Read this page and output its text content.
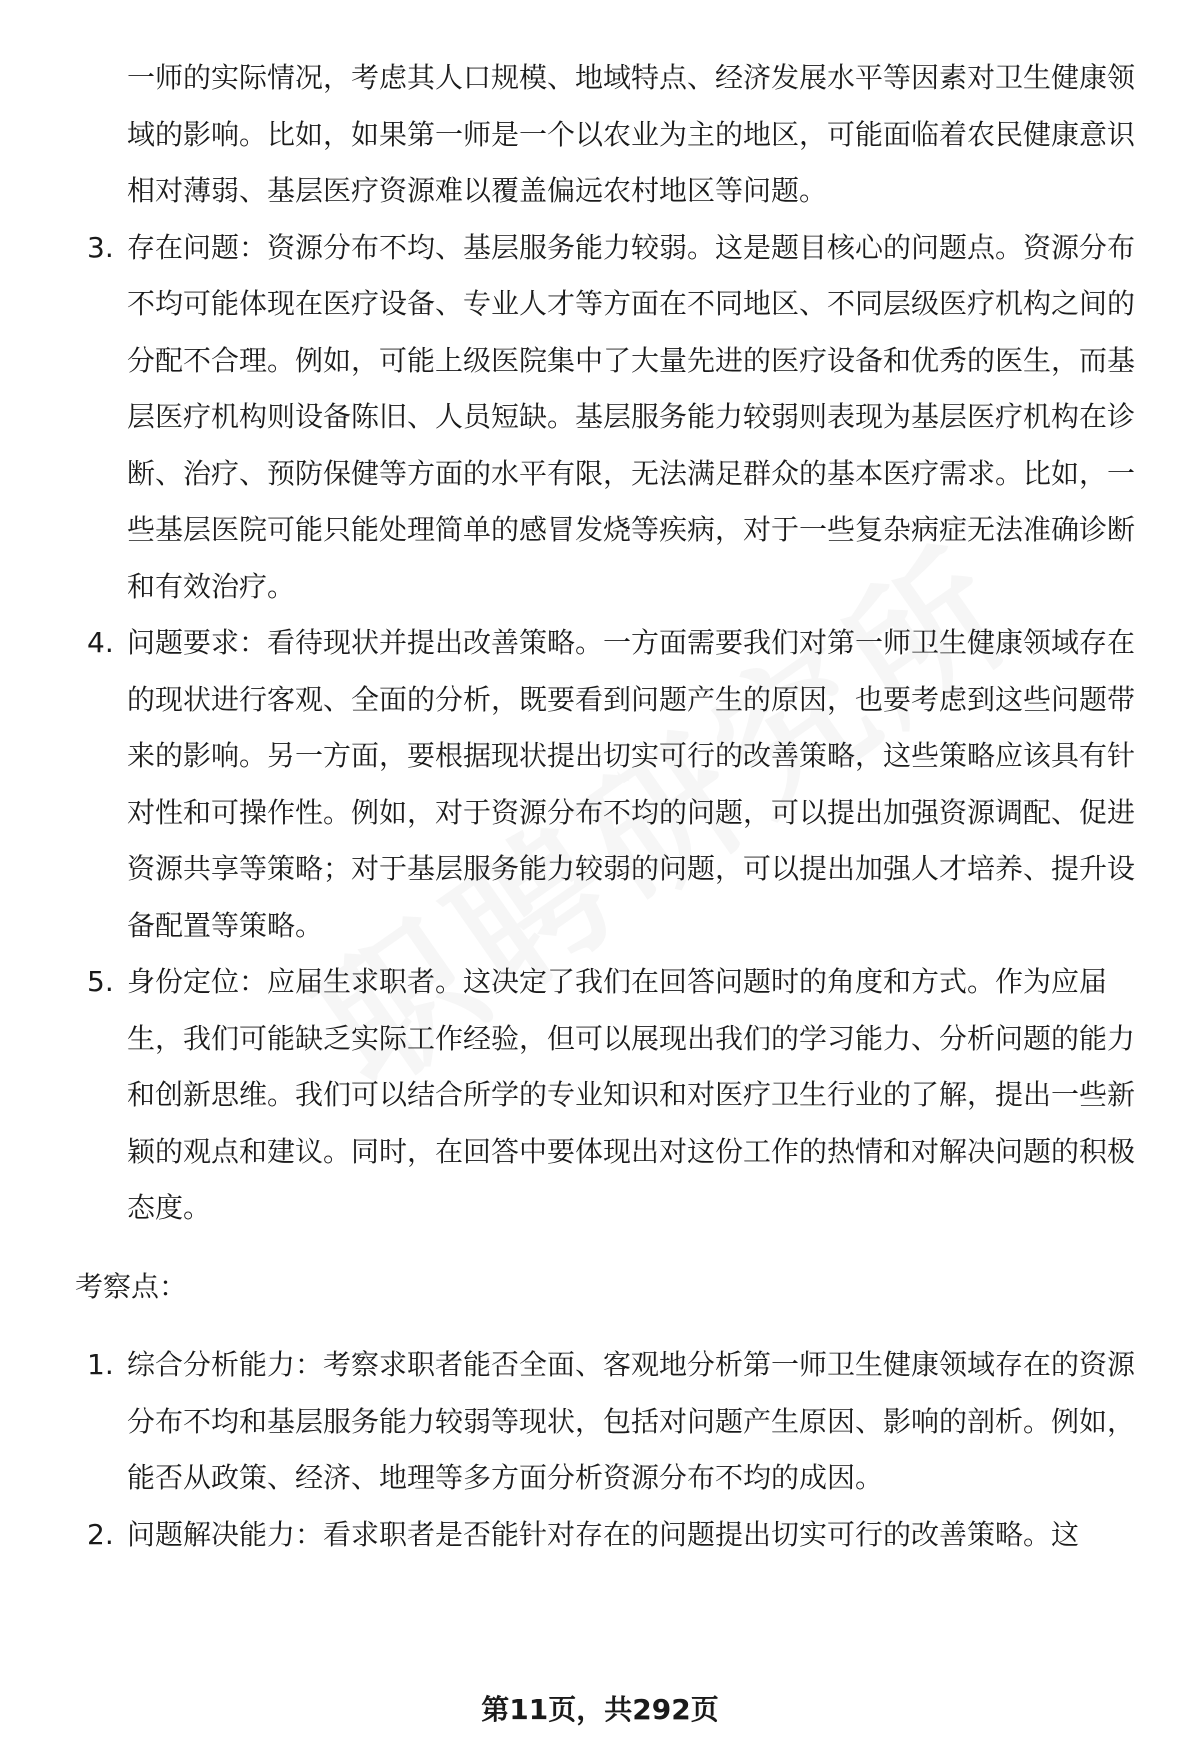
一师的实际情况，考虑其人口规模、地域特点、经济发展水平等因素对卫生健康领域的影响。比如，如果第一师是一个以农业为主的地区，可能面临着农民健康意识相对薄弱、基层医疗资源难以覆盖偏远农村地区等问题。

3. 存在问题：资源分布不均、基层服务能力较弱。这是题目核心的问题点。资源分布不均可能体现在医疗设备、专业人才等方面在不同地区、不同层级医疗机构之间的分配不合理。例如，可能上级医院集中了大量先进的医疗设备和优秀的医生，而基层医疗机构则设备陈旧、人员短缺。基层服务能力较弱则表现为基层医疗机构在诊断、治疗、预防保健等方面的水平有限，无法满足群众的基本医疗需求。比如，一些基层医院可能只能处理简单的感冒发烧等疾病，对于一些复杂病症无法准确诊断和有效治疗。

4. 问题要求：看待现状并提出改善策略。一方面需要我们对第一师卫生健康领域存在的现状进行客观、全面的分析，既要看到问题产生的原因，也要考虑到这些问题带来的影响。另一方面，要根据现状提出切实可行的改善策略，这些策略应该具有针对性和可操作性。例如，对于资源分布不均的问题，可以提出加强资源调配、促进资源共享等策略；对于基层服务能力较弱的问题，可以提出加强人才培养、提升设备配置等策略。

5. 身份定位：应届生求职者。这决定了我们在回答问题时的角度和方式。作为应届生，我们可能缺乏实际工作经验，但可以展现出我们的学习能力、分析问题的能力和创新思维。我们可以结合所学的专业知识和对医疗卫生行业的了解，提出一些新颖的观点和建议。同时，在回答中要体现出对这份工作的热情和对解决问题的积极态度。

考察点：

1. 综合分析能力：考察求职者能否全面、客观地分析第一师卫生健康领域存在的资源分布不均和基层服务能力较弱等现状，包括对问题产生原因、影响的剖析。例如，能否从政策、经济、地理等多方面分析资源分布不均的成因。

2. 问题解决能力：看求职者是否能针对存在的问题提出切实可行的改善策略。这

第11页，共292页
